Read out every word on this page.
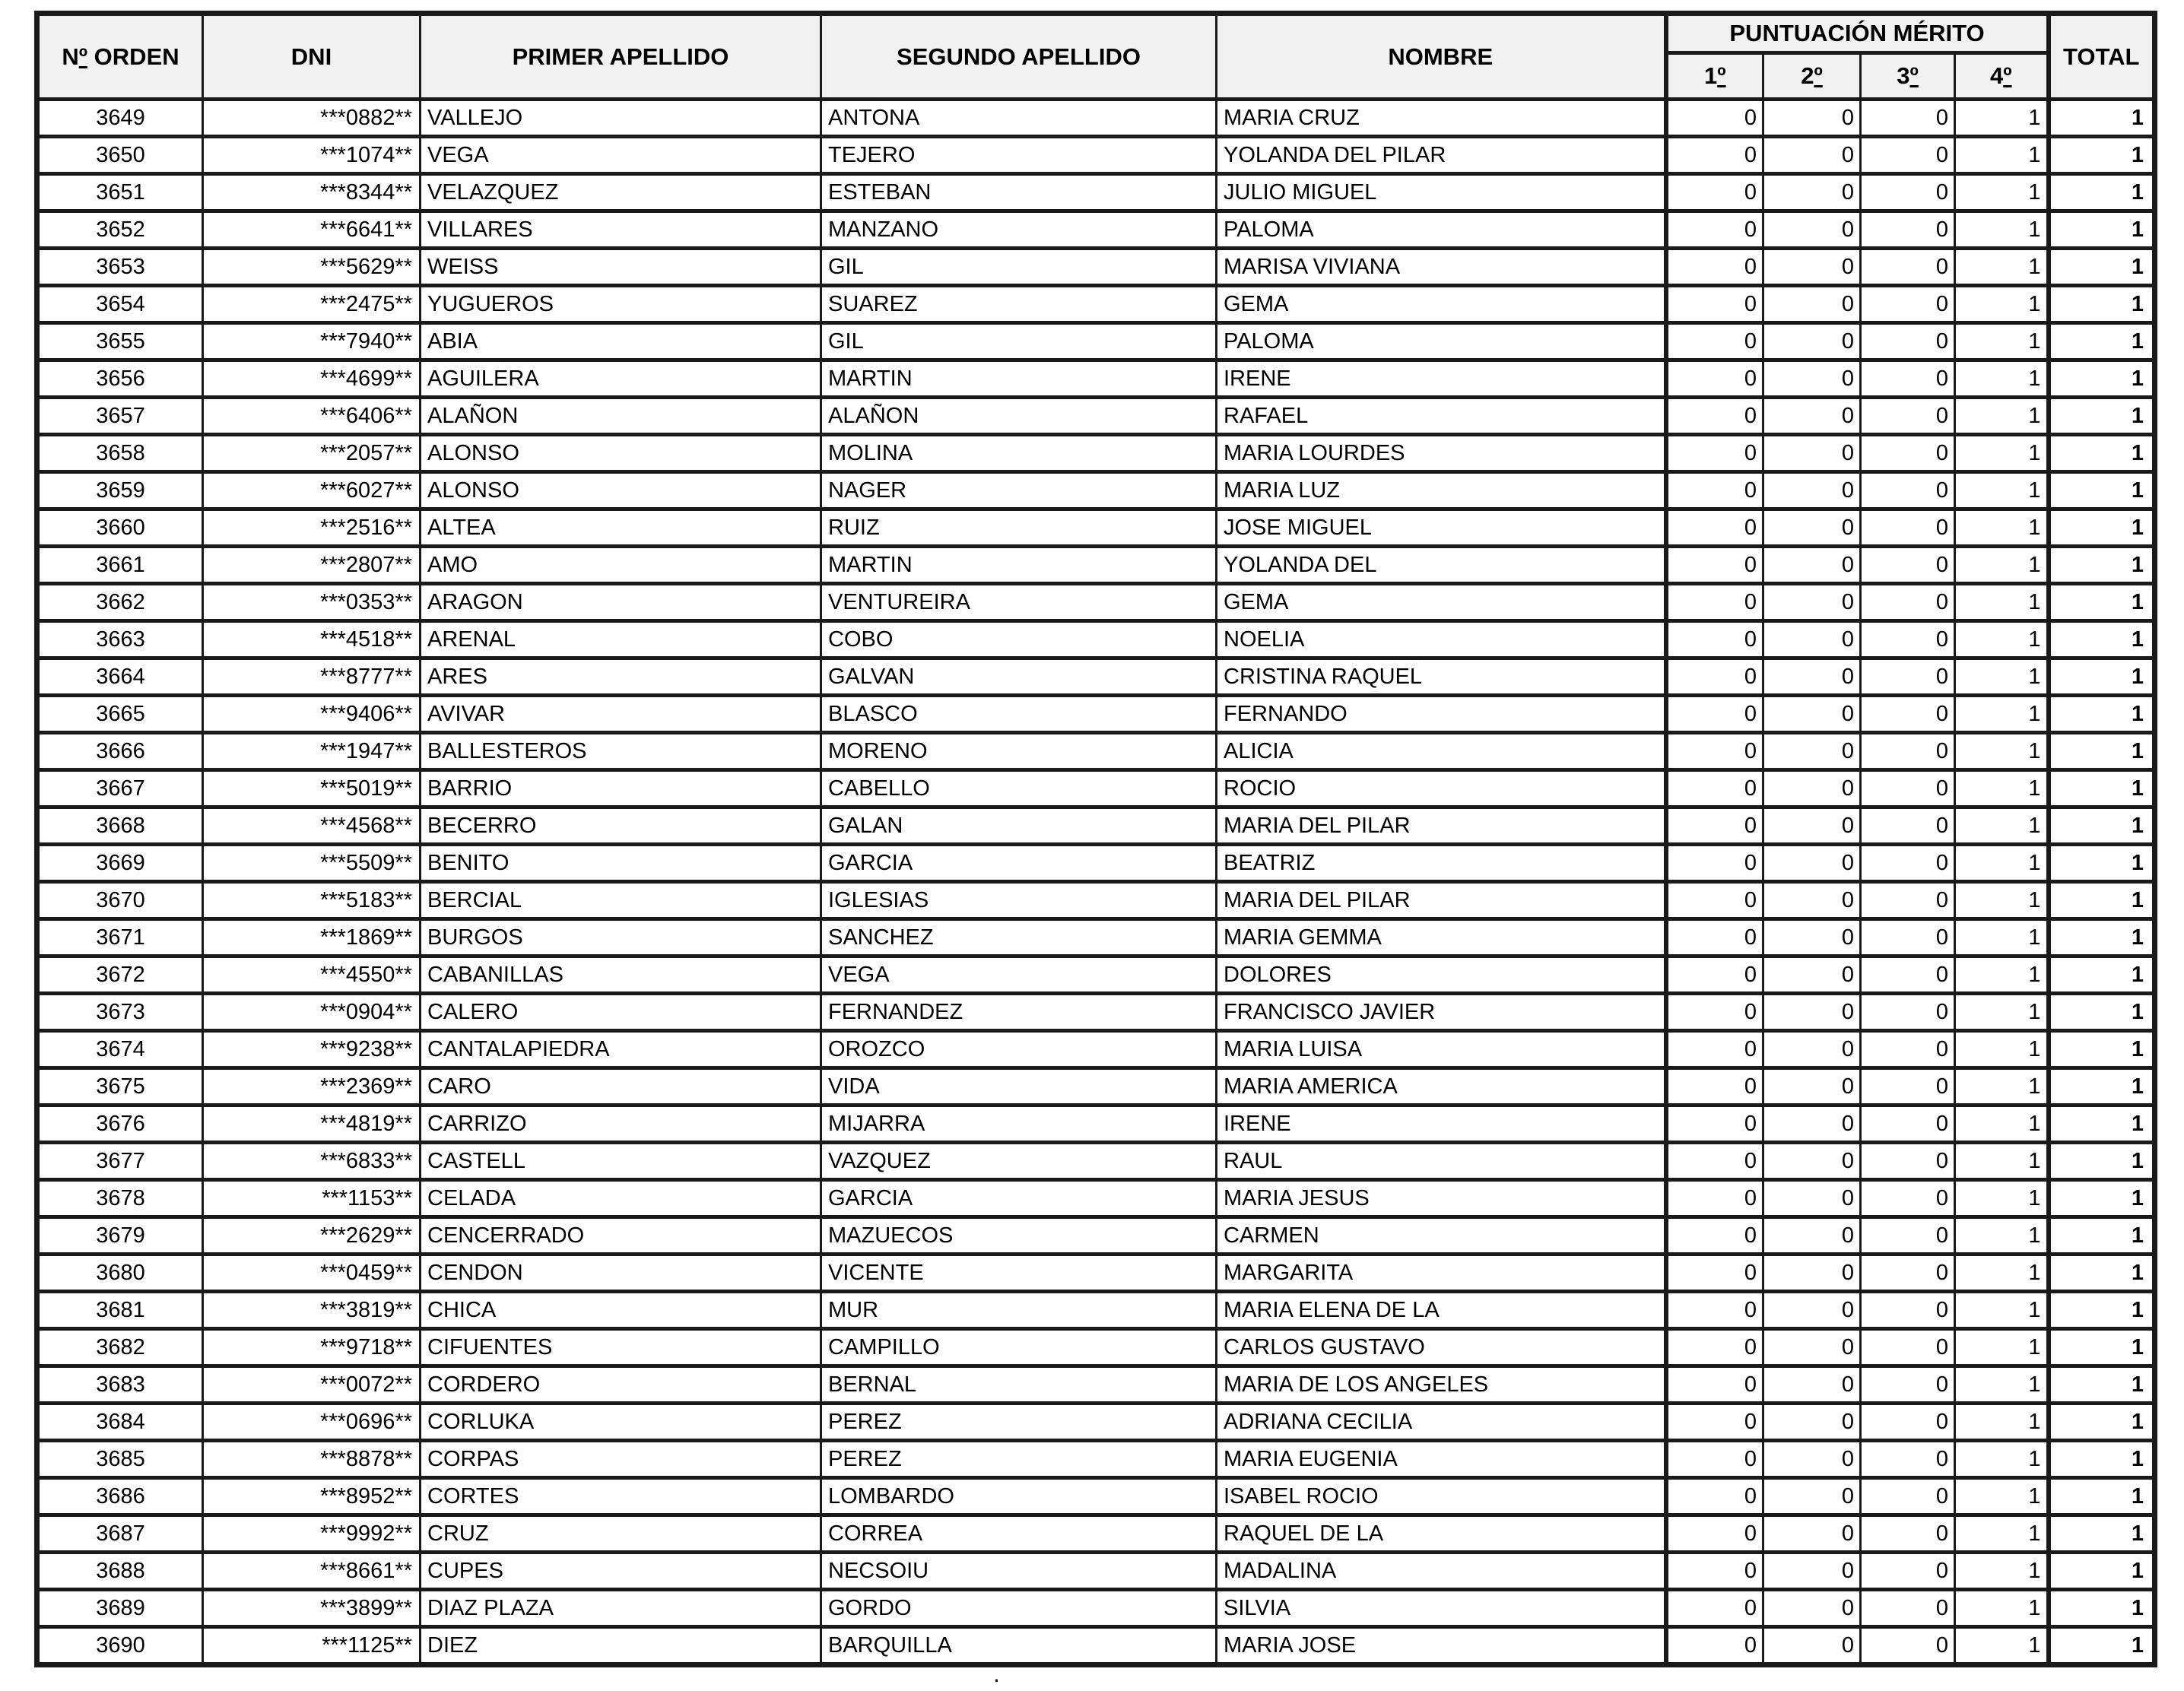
Nº ORDEN	DNI	PRIMER APELLIDO	SEGUNDO APELLIDO	NOMBRE	PUNTUACIÓN MÉRITO				TOTAL
					1º	2º	3º	4º	
3649	***0882**	VALLEJO	ANTONA	MARIA CRUZ	0	0	0	1	1
3650	***1074**	VEGA	TEJERO	YOLANDA DEL PILAR	0	0	0	1	1
3651	***8344**	VELAZQUEZ	ESTEBAN	JULIO MIGUEL	0	0	0	1	1
3652	***6641**	VILLARES	MANZANO	PALOMA	0	0	0	1	1
3653	***5629**	WEISS	GIL	MARISA VIVIANA	0	0	0	1	1
3654	***2475**	YUGUEROS	SUAREZ	GEMA	0	0	0	1	1
3655	***7940**	ABIA	GIL	PALOMA	0	0	0	1	1
3656	***4699**	AGUILERA	MARTIN	IRENE	0	0	0	1	1
3657	***6406**	ALAÑON	ALAÑON	RAFAEL	0	0	0	1	1
3658	***2057**	ALONSO	MOLINA	MARIA LOURDES	0	0	0	1	1
3659	***6027**	ALONSO	NAGER	MARIA LUZ	0	0	0	1	1
3660	***2516**	ALTEA	RUIZ	JOSE MIGUEL	0	0	0	1	1
3661	***2807**	AMO	MARTIN	YOLANDA DEL	0	0	0	1	1
3662	***0353**	ARAGON	VENTUREIRA	GEMA	0	0	0	1	1
3663	***4518**	ARENAL	COBO	NOELIA	0	0	0	1	1
3664	***8777**	ARES	GALVAN	CRISTINA RAQUEL	0	0	0	1	1
3665	***9406**	AVIVAR	BLASCO	FERNANDO	0	0	0	1	1
3666	***1947**	BALLESTEROS	MORENO	ALICIA	0	0	0	1	1
3667	***5019**	BARRIO	CABELLO	ROCIO	0	0	0	1	1
3668	***4568**	BECERRO	GALAN	MARIA DEL PILAR	0	0	0	1	1
3669	***5509**	BENITO	GARCIA	BEATRIZ	0	0	0	1	1
3670	***5183**	BERCIAL	IGLESIAS	MARIA DEL PILAR	0	0	0	1	1
3671	***1869**	BURGOS	SANCHEZ	MARIA GEMMA	0	0	0	1	1
3672	***4550**	CABANILLAS	VEGA	DOLORES	0	0	0	1	1
3673	***0904**	CALERO	FERNANDEZ	FRANCISCO JAVIER	0	0	0	1	1
3674	***9238**	CANTALAPIEDRA	OROZCO	MARIA LUISA	0	0	0	1	1
3675	***2369**	CARO	VIDA	MARIA AMERICA	0	0	0	1	1
3676	***4819**	CARRIZO	MIJARRA	IRENE	0	0	0	1	1
3677	***6833**	CASTELL	VAZQUEZ	RAUL	0	0	0	1	1
3678	***1153**	CELADA	GARCIA	MARIA JESUS	0	0	0	1	1
3679	***2629**	CENCERRADO	MAZUECOS	CARMEN	0	0	0	1	1
3680	***0459**	CENDON	VICENTE	MARGARITA	0	0	0	1	1
3681	***3819**	CHICA	MUR	MARIA ELENA DE LA	0	0	0	1	1
3682	***9718**	CIFUENTES	CAMPILLO	CARLOS GUSTAVO	0	0	0	1	1
3683	***0072**	CORDERO	BERNAL	MARIA DE LOS ANGELES	0	0	0	1	1
3684	***0696**	CORLUKA	PEREZ	ADRIANA CECILIA	0	0	0	1	1
3685	***8878**	CORPAS	PEREZ	MARIA EUGENIA	0	0	0	1	1
3686	***8952**	CORTES	LOMBARDO	ISABEL ROCIO	0	0	0	1	1
3687	***9992**	CRUZ	CORREA	RAQUEL DE LA	0	0	0	1	1
3688	***8661**	CUPES	NECSOIU	MADALINA	0	0	0	1	1
3689	***3899**	DIAZ PLAZA	GORDO	SILVIA	0	0	0	1	1
3690	***1125**	DIEZ	BARQUILLA	MARIA JOSE	0	0	0	1	1
.
